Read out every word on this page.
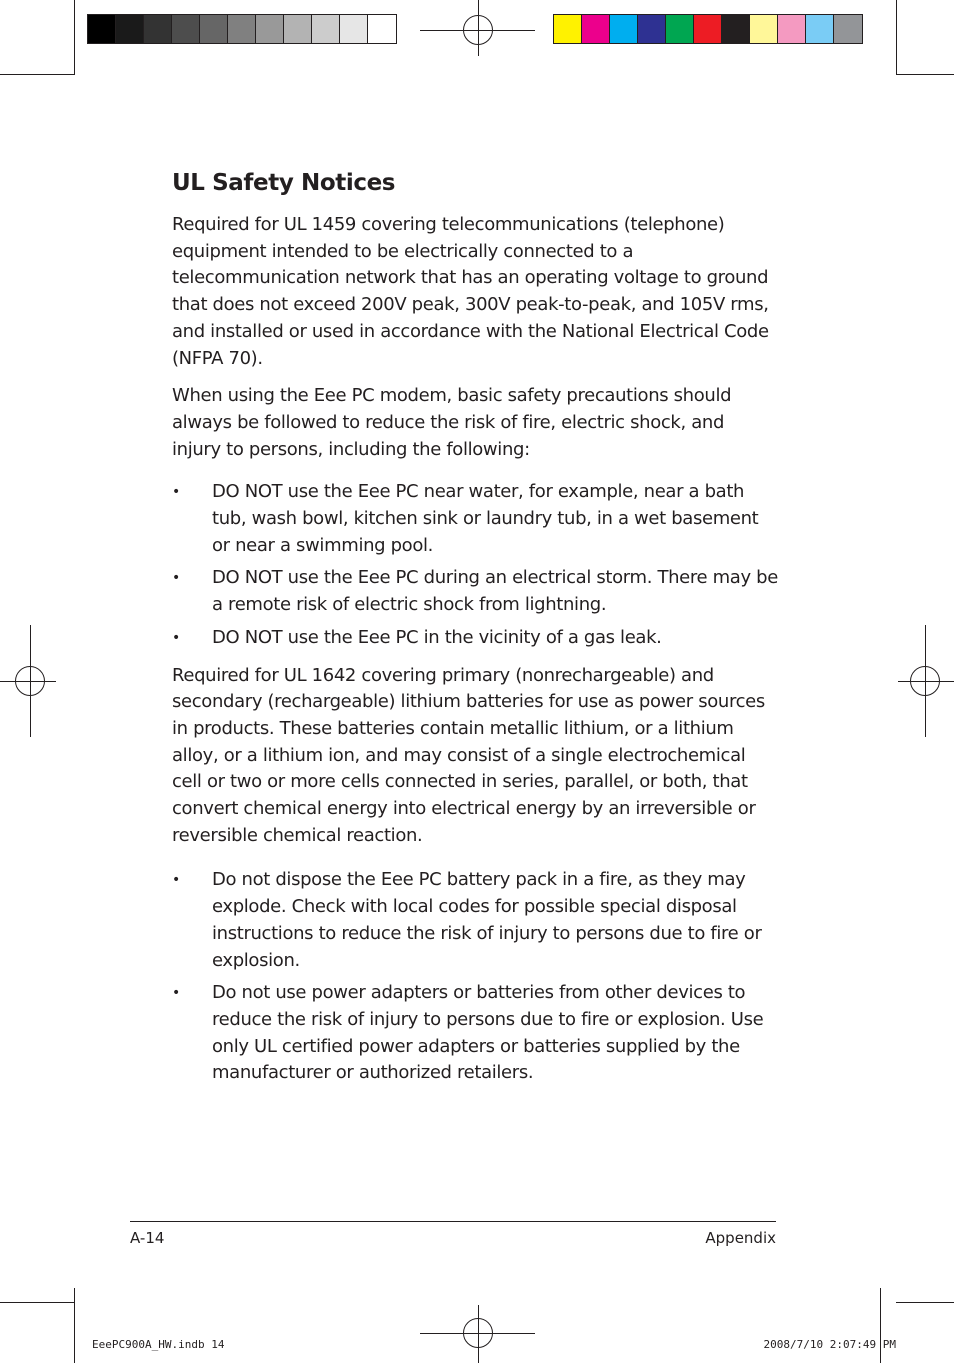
UL Safety Notices

Required for UL 1459 covering telecommunications (telephone) equipment intended to be electrically connected to a telecommunication network that has an operating voltage to ground that does not exceed 200V peak, 300V peak-to-peak, and 105V rms, and installed or used in accordance with the National Electrical Code (NFPA 70).

When using the Eee PC modem, basic safety precautions should always be followed to reduce the risk of fire, electric shock, and injury to persons, including the following:

• DO NOT use the Eee PC near water, for example, near a bath tub, wash bowl, kitchen sink or laundry tub, in a wet basement or near a swimming pool.
• DO NOT use the Eee PC during an electrical storm. There may be a remote risk of electric shock from lightning.
• DO NOT use the Eee PC in the vicinity of a gas leak.

Required for UL 1642 covering primary (nonrechargeable) and secondary (rechargeable) lithium batteries for use as power sources in products. These batteries contain metallic lithium, or a lithium alloy, or a lithium ion, and may consist of a single electrochemical cell or two or more cells connected in series, parallel, or both, that convert chemical energy into electrical energy by an irreversible or reversible chemical reaction.

• Do not dispose the Eee PC battery pack in a fire, as they may explode. Check with local codes for possible special disposal instructions to reduce the risk of injury to persons due to fire or explosion.
• Do not use power adapters or batteries from other devices to reduce the risk of injury to persons due to fire or explosion. Use only UL certified power adapters or batteries supplied by the manufacturer or authorized retailers.
A-14	Appendix
EeePC900A_HW.indb 14	2008/7/10 2:07:49 PM
